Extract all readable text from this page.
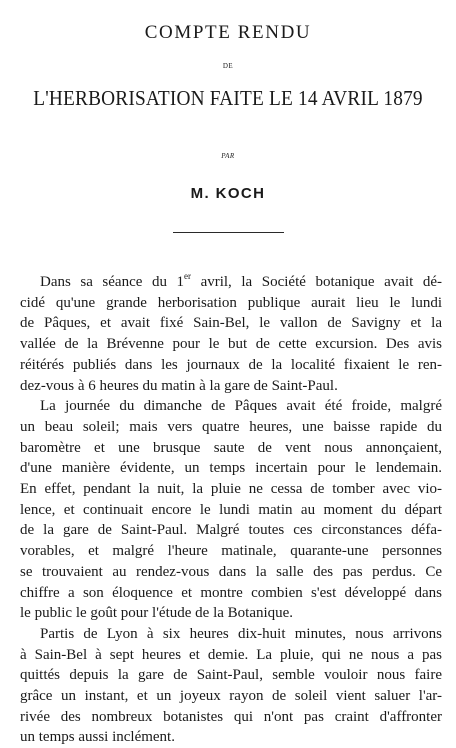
COMPTE RENDU
DE
L'HERBORISATION FAITE LE 14 AVRIL 1879
PAR
M. KOCH
Dans sa séance du 1er avril, la Société botanique avait dé-
cidé qu'une grande herborisation publique aurait lieu le lundi
de Pâques, et avait fixé Sain-Bel, le vallon de Savigny et la
vallée de la Brévenne pour le but de cette excursion. Des avis
réitérés publiés dans les journaux de la localité fixaient le ren-
dez-vous à 6 heures du matin à la gare de Saint-Paul.
La journée du dimanche de Pâques avait été froide, malgré
un beau soleil; mais vers quatre heures, une baisse rapide du
baromètre et une brusque saute de vent nous annonçaient,
d'une manière évidente, un temps incertain pour le lendemain.
En effet, pendant la nuit, la pluie ne cessa de tomber avec vio-
lence, et continuait encore le lundi matin au moment du départ
de la gare de Saint-Paul. Malgré toutes ces circonstances défa-
vorables, et malgré l'heure matinale, quarante-une personnes
se trouvaient au rendez-vous dans la salle des pas perdus. Ce
chiffre a son éloquence et montre combien s'est développé dans
le public le goût pour l'étude de la Botanique.
Partis de Lyon à six heures dix-huit minutes, nous arrivons
à Sain-Bel à sept heures et demie. La pluie, qui ne nous a pas
quittés depuis la gare de Saint-Paul, semble vouloir nous faire
grâce un instant, et un joyeux rayon de soleil vient saluer l'ar-
rivée des nombreux botanistes qui n'ont pas craint d'affronter
un temps aussi inclément.
